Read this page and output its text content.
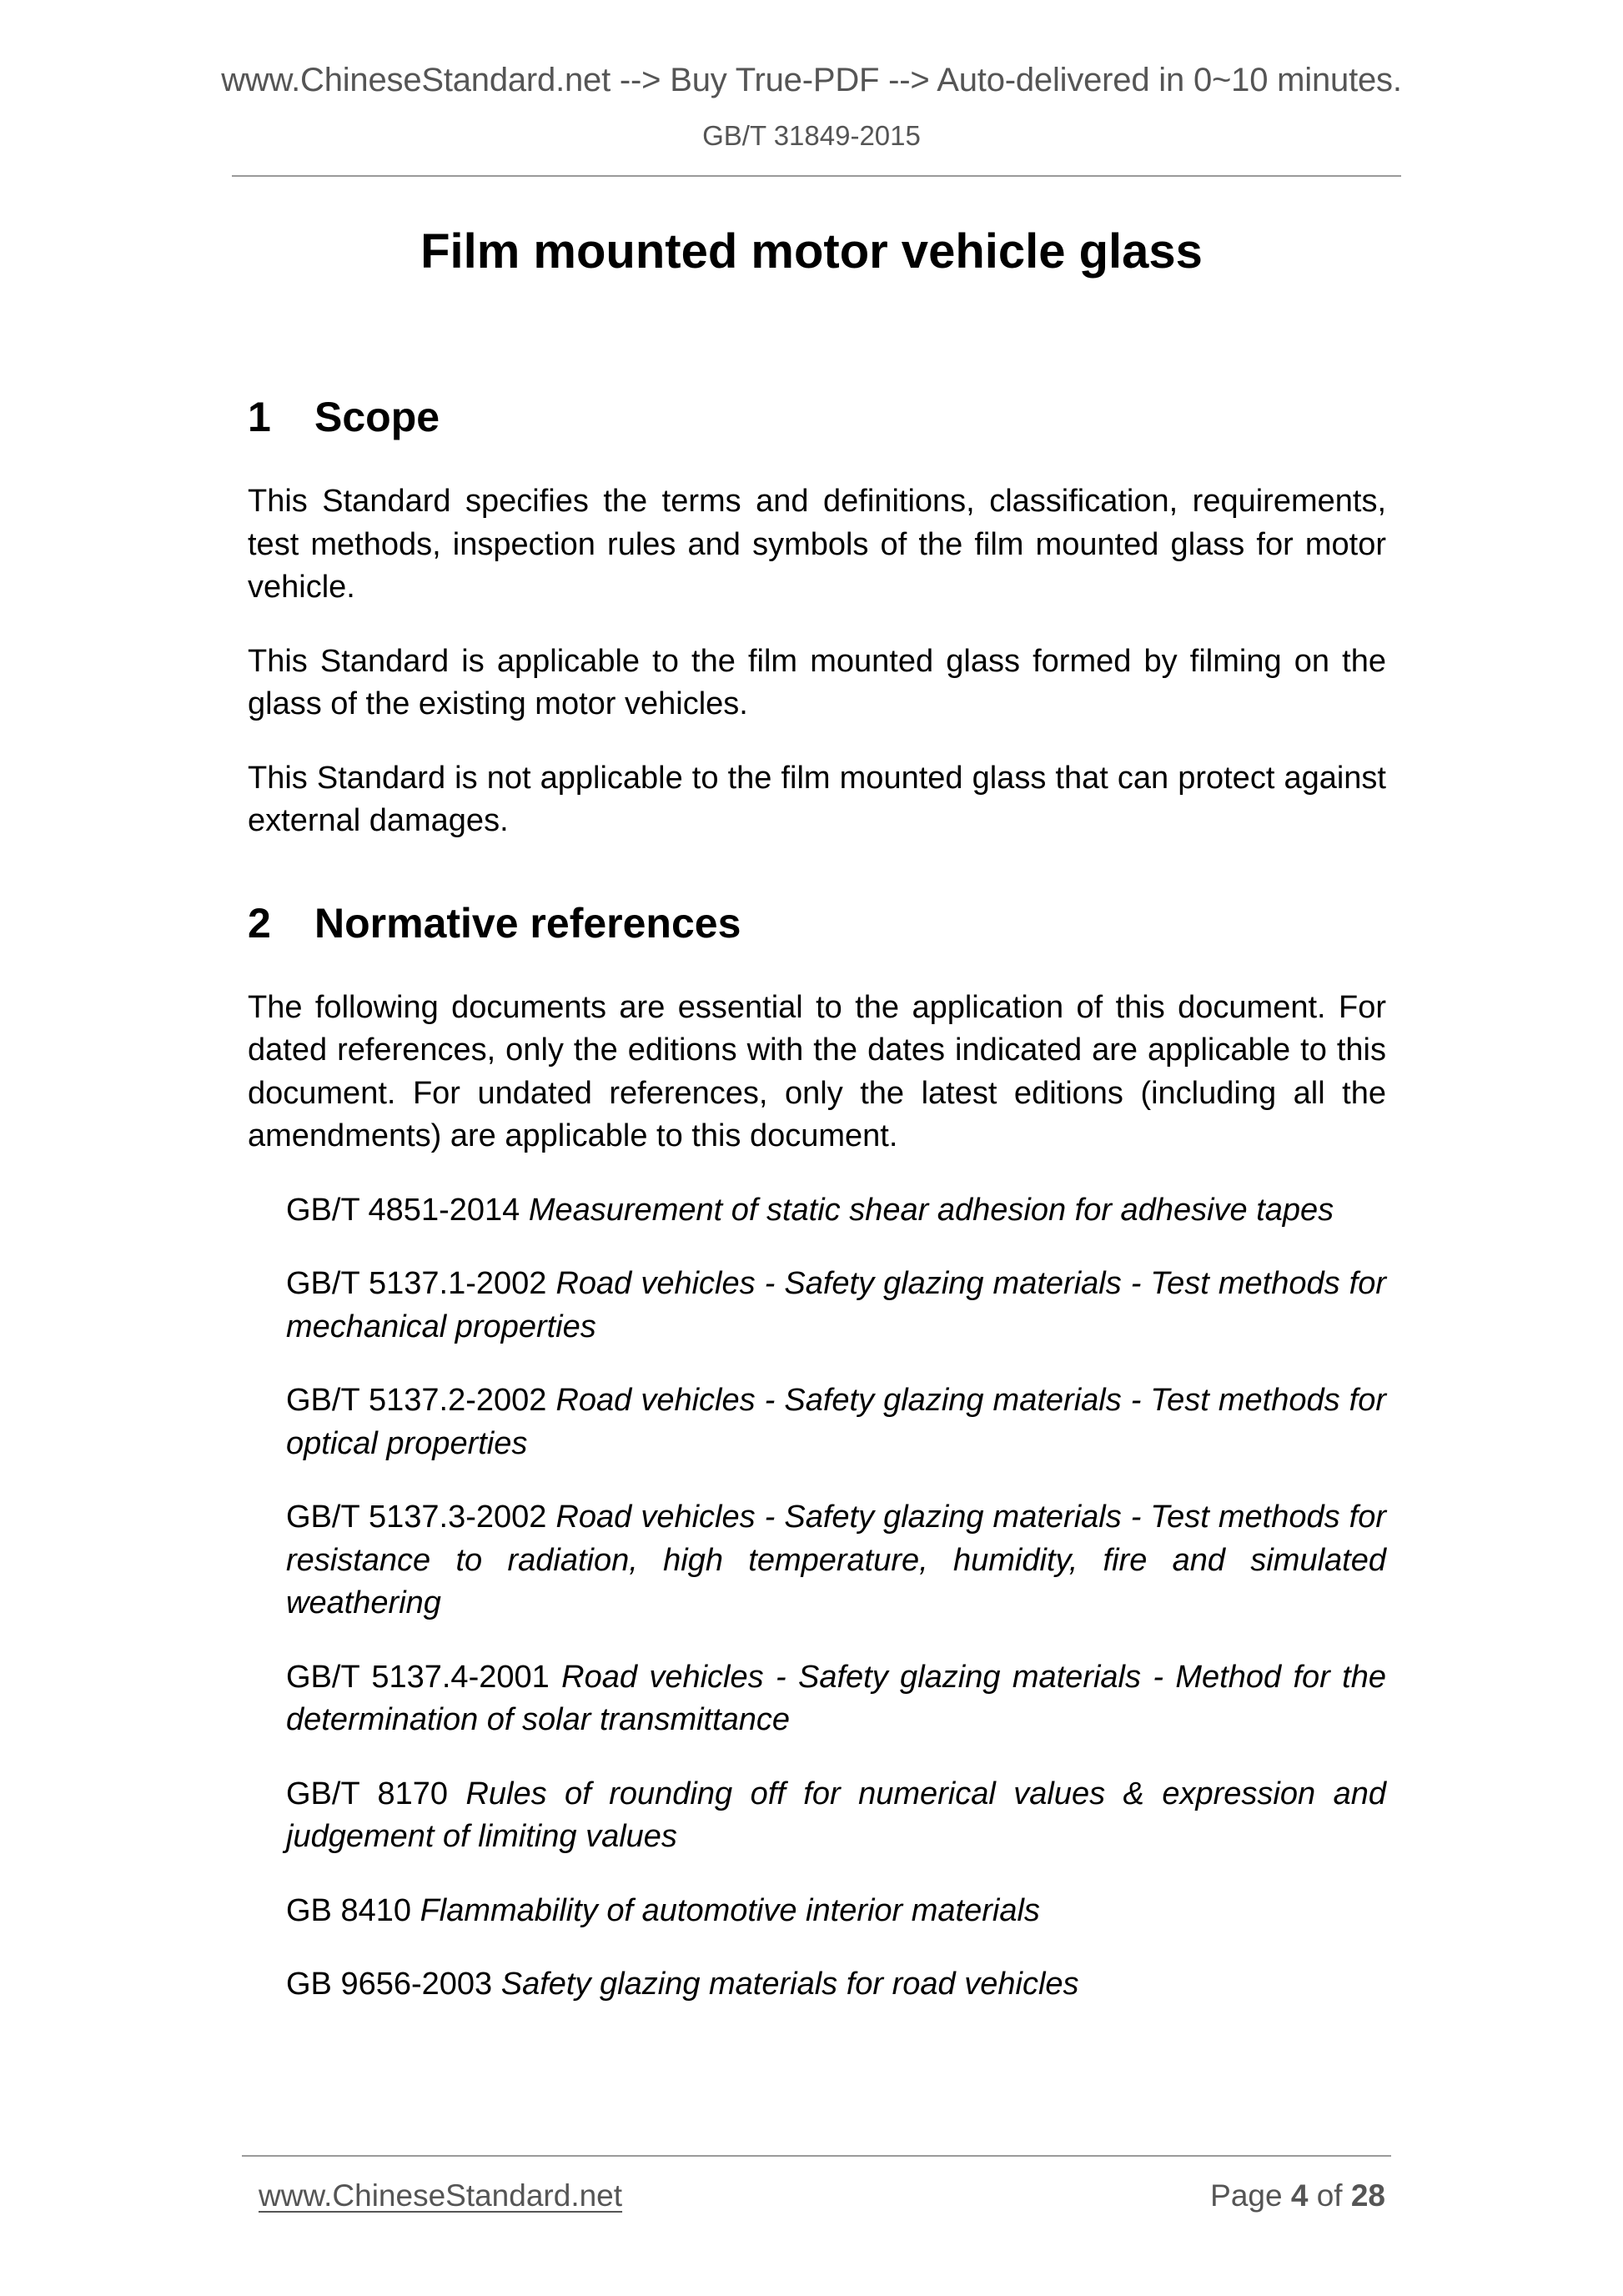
www.ChineseStandard.net --> Buy True-PDF --> Auto-delivered in 0~10 minutes.
GB/T 31849-2015
Film mounted motor vehicle glass
1	Scope

This Standard specifies the terms and definitions, classification, requirements, test methods, inspection rules and symbols of the film mounted glass for motor vehicle.

This Standard is applicable to the film mounted glass formed by filming on the glass of the existing motor vehicles.

This Standard is not applicable to the film mounted glass that can protect against external damages.

2	Normative references

The following documents are essential to the application of this document. For dated references, only the editions with the dates indicated are applicable to this document. For undated references, only the latest editions (including all the amendments) are applicable to this document.

GB/T 4851-2014 Measurement of static shear adhesion for adhesive tapes

GB/T 5137.1-2002 Road vehicles - Safety glazing materials - Test methods for mechanical properties

GB/T 5137.2-2002 Road vehicles - Safety glazing materials - Test methods for optical properties

GB/T 5137.3-2002 Road vehicles - Safety glazing materials - Test methods for resistance to radiation, high temperature, humidity, fire and simulated weathering

GB/T 5137.4-2001 Road vehicles - Safety glazing materials - Method for the determination of solar transmittance

GB/T 8170 Rules of rounding off for numerical values & expression and judgement of limiting values

GB 8410 Flammability of automotive interior materials

GB 9656-2003 Safety glazing materials for road vehicles

www.ChineseStandard.net	Page 4 of 28
